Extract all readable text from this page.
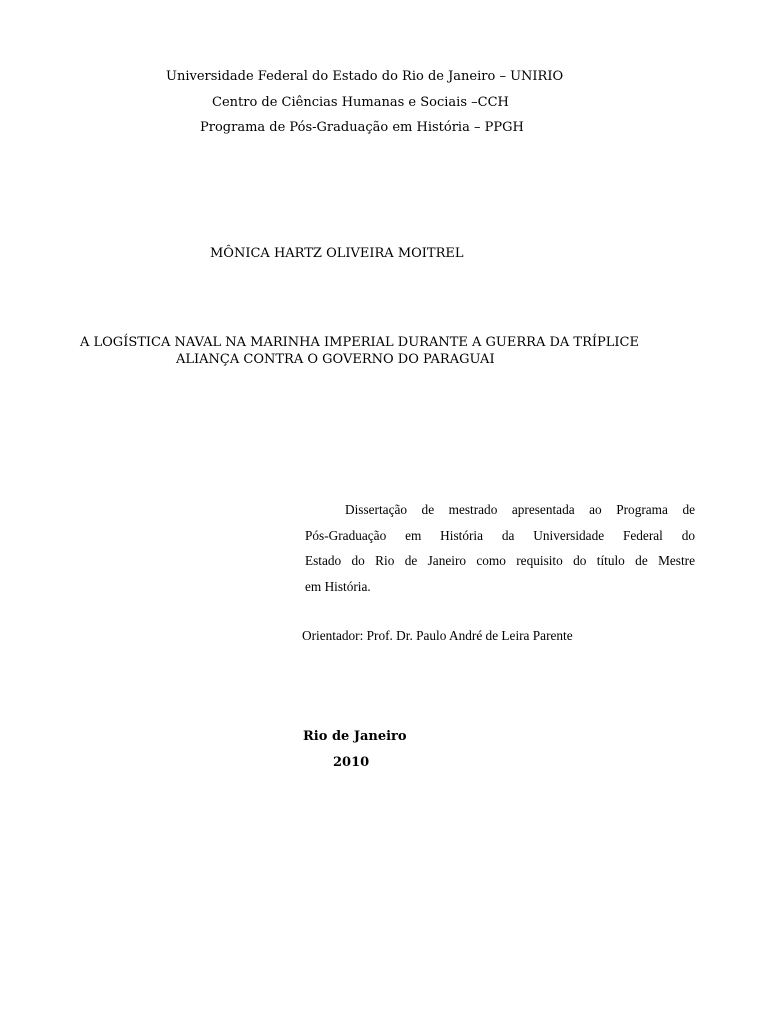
Universidade Federal do Estado do Rio de Janeiro – UNIRIO
Centro de Ciências Humanas e Sociais –CCH
Programa de Pós-Graduação em História – PPGH
MÔNICA HARTZ OLIVEIRA MOITREL
A LOGÍSTICA NAVAL NA MARINHA IMPERIAL DURANTE A GUERRA DA TRÍPLICE
ALIANÇA CONTRA O GOVERNO DO PARAGUAI
Dissertação de mestrado apresentada ao Programa de
Pós-Graduação em História da Universidade Federal do
Estado do Rio de Janeiro como requisito do título de Mestre
em História.
Orientador: Prof. Dr. Paulo André de Leira Parente
Rio de Janeiro
2010
